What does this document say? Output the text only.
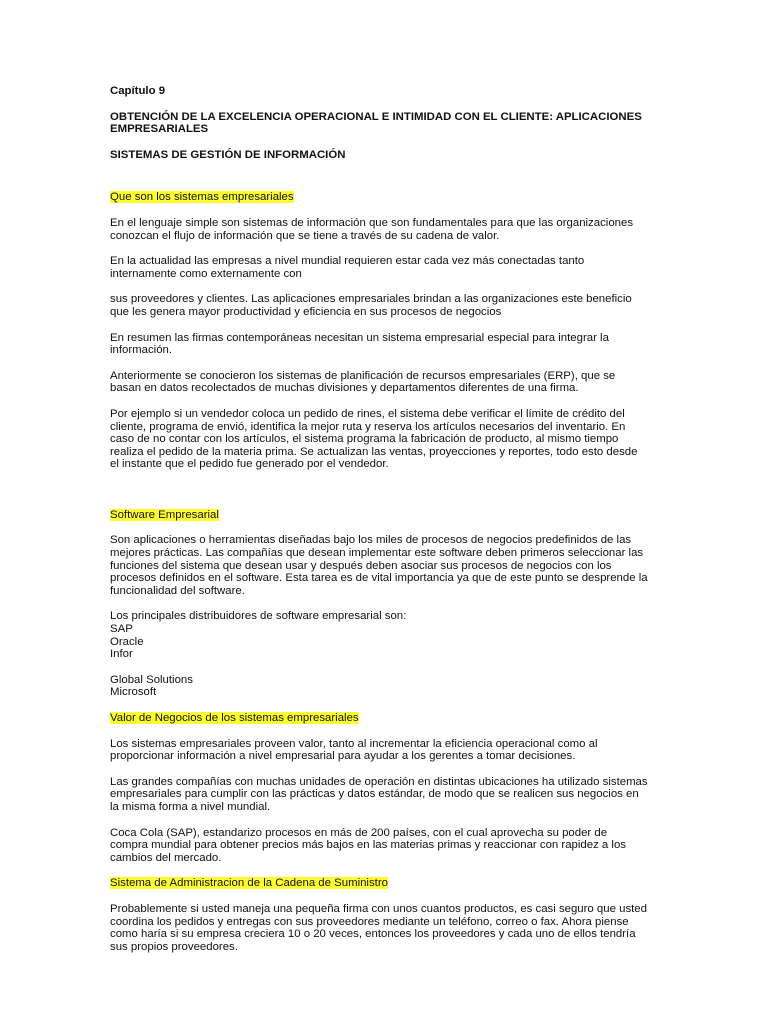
Capítulo 9

OBTENCIÓN DE LA EXCELENCIA OPERACIONAL E INTIMIDAD CON EL CLIENTE: APLICACIONES
EMPRESARIALES

SISTEMAS DE GESTIÓN DE INFORMACIÓN

Que son los sistemas empresariales

En el lenguaje simple son sistemas de información que son fundamentales para que las organizaciones
conozcan el flujo de información que se tiene a través de su cadena de valor.

En la actualidad las empresas a nivel mundial requieren estar cada vez más conectadas tanto
internamente como externamente con

sus proveedores y clientes. Las aplicaciones empresariales brindan a las organizaciones este beneficio
que les genera mayor productividad y eficiencia en sus procesos de negocios

En resumen las firmas contemporáneas necesitan un sistema empresarial especial para integrar la
información.

Anteriormente se conocieron los sistemas de planificación de recursos empresariales (ERP), que se
basan en datos recolectados de muchas divisiones y departamentos diferentes de una firma.

Por ejemplo si un vendedor coloca un pedido de rines, el sistema debe verificar el límite de crédito del
cliente, programa de envió, identifica la mejor ruta y reserva los artículos necesarios del inventario. En
caso de no contar con los artículos, el sistema programa la fabricación de producto, al mismo tiempo
realiza el pedido de la materia prima. Se actualizan las ventas, proyecciones y reportes, todo esto desde
el instante que el pedido fue generado por el vendedor.

Software Empresarial

Son aplicaciones o herramientas diseñadas bajo los miles de procesos de negocios predefinidos de las
mejores prácticas. Las compañías que desean implementar este software deben primeros seleccionar las
funciones del sistema que desean usar y después deben asociar sus procesos de negocios con los
procesos definidos en el software. Esta tarea es de vital importancia ya que de este punto se desprende la
funcionalidad del software.

Los principales distribuidores de software empresarial son:
SAP
Oracle
Infor

Global Solutions
Microsoft

Valor de Negocios de los sistemas empresariales

Los sistemas empresariales proveen valor, tanto al incrementar la eficiencia operacional como al
proporcionar información a nivel empresarial para ayudar a los gerentes a tomar decisiones.

Las grandes compañías con muchas unidades de operación en distintas ubicaciones ha utilizado sistemas
empresariales para cumplir con las prácticas y datos estándar, de modo que se realicen sus negocios en
la misma forma a nivel mundial.

Coca Cola (SAP), estandarizo procesos en más de 200 países, con el cual aprovecha su poder de
compra mundial para obtener precios más bajos en las materias primas y reaccionar con rapidez a los
cambios del mercado.

Sistema de Administracion de la Cadena de Suministro

Probablemente si usted maneja una pequeña firma con unos cuantos productos, es casi seguro que usted
coordina los pedidos y entregas con sus proveedores mediante un teléfono, correo o fax. Ahora piense
como haría si su empresa creciera 10 o 20 veces, entonces los proveedores y cada uno de ellos tendría
sus propios proveedores.
